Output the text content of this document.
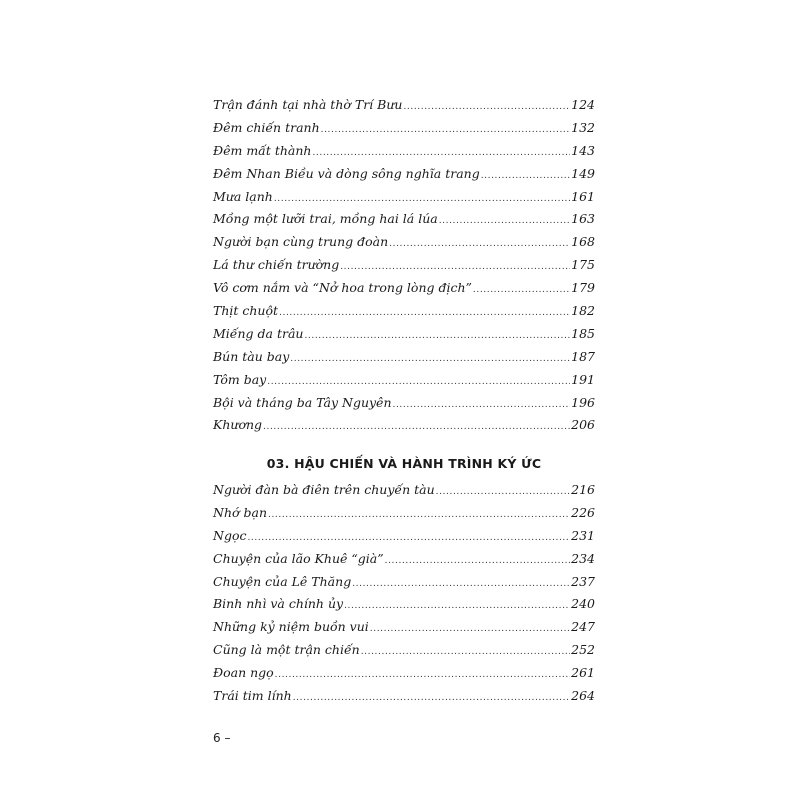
Trận đánh tại nhà thờ Trí Bưu .....	124
Đêm chiến tranh .....	132
Đêm mất thành .....	143
Đêm Nhan Biều và dòng sông nghĩa trang .....	149
Mưa lạnh .....	161
Mồng một lưỡi trai, mồng hai lá lúa .....	163
Người bạn cùng trung đoàn .....	168
Lá thư chiến trường .....	175
Vô cơm nắm và “Nở hoa trong lòng địch” .....	179
Thịt chuột .....	182
Miếng da trâu .....	185
Bún tàu bay .....	187
Tôm bay .....	191
Bội và tháng ba Tây Nguyên .....	196
Khương .....	206
03. HẬU CHIẾN VÀ HÀNH TRÌNH KÝ ỨC
Người đàn bà điên trên chuyến tàu .....	216
Nhớ bạn .....	226
Ngọc .....	231
Chuyện của lão Khuê “già” .....	234
Chuyện của Lê Thăng .....	237
Binh nhì và chính ủy .....	240
Những kỷ niệm buồn vui .....	247
Cũng là một trận chiến .....	252
Đoan ngọ .....	261
Trái tim lính .....	264
6 –
